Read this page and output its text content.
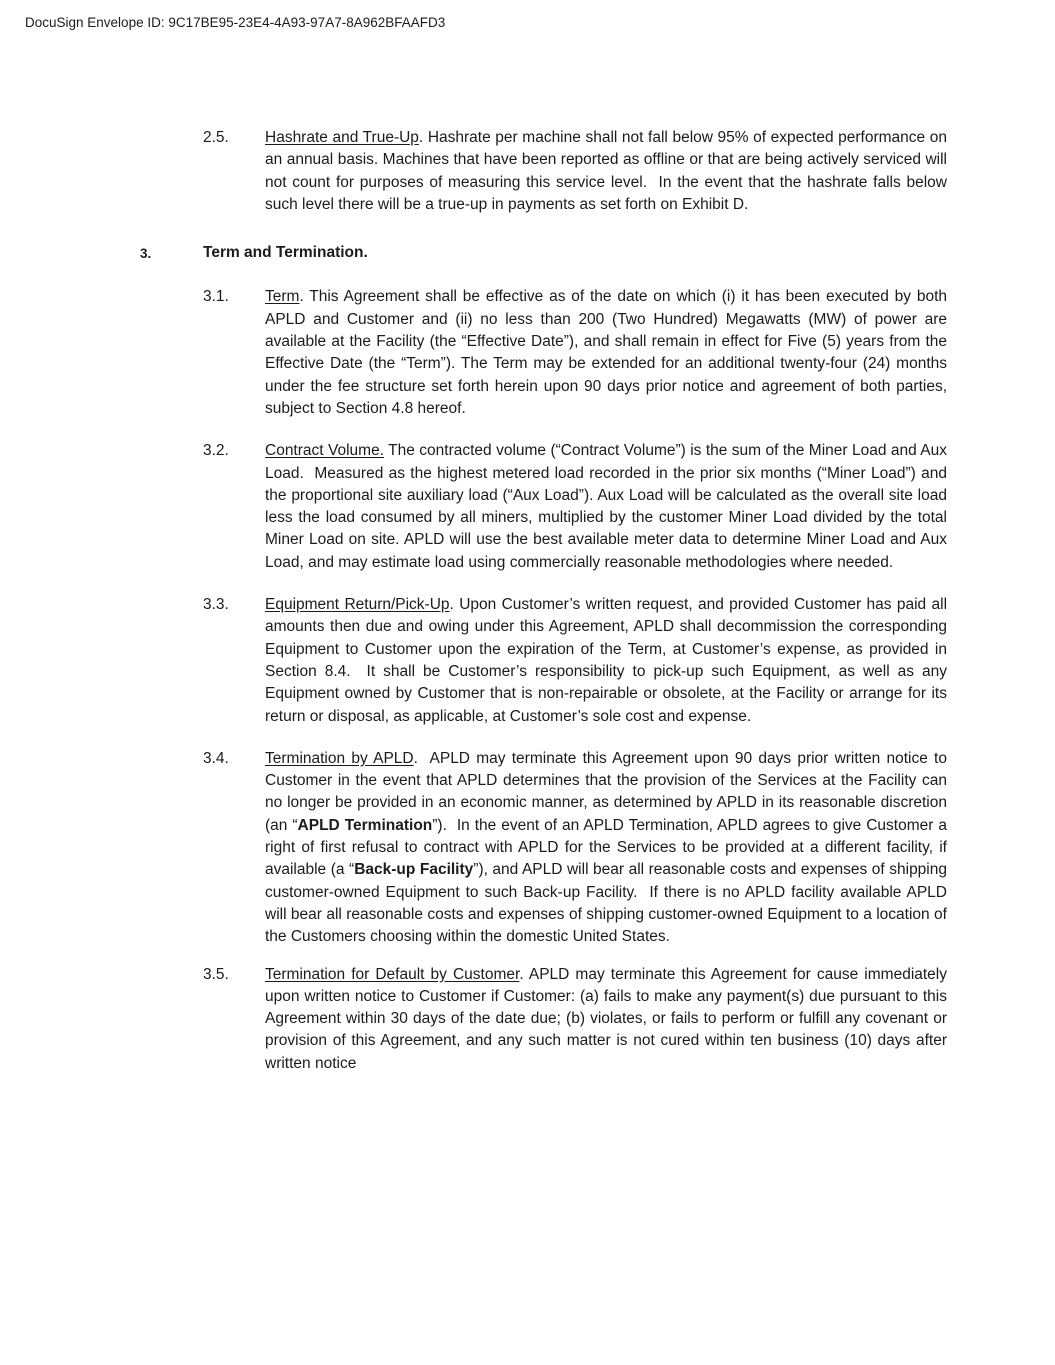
DocuSign Envelope ID: 9C17BE95-23E4-4A93-97A7-8A962BFAAFD3
2.5.	Hashrate and True-Up. Hashrate per machine shall not fall below 95% of expected performance on an annual basis. Machines that have been reported as offline or that are being actively serviced will not count for purposes of measuring this service level.  In the event that the hashrate falls below such level there will be a true-up in payments as set forth on Exhibit D.
3.	Term and Termination.
3.1.	Term. This Agreement shall be effective as of the date on which (i) it has been executed by both APLD and Customer and (ii) no less than 200 (Two Hundred) Megawatts (MW) of power are available at the Facility (the “Effective Date”), and shall remain in effect for Five (5) years from the Effective Date (the “Term”). The Term may be extended for an additional twenty-four (24) months under the fee structure set forth herein upon 90 days prior notice and agreement of both parties, subject to Section 4.8 hereof.
3.2.	Contract Volume. The contracted volume (“Contract Volume”) is the sum of the Miner Load and Aux Load.  Measured as the highest metered load recorded in the prior six months (“Miner Load”) and the proportional site auxiliary load (“Aux Load”). Aux Load will be calculated as the overall site load less the load consumed by all miners, multiplied by the customer Miner Load divided by the total Miner Load on site. APLD will use the best available meter data to determine Miner Load and Aux Load, and may estimate load using commercially reasonable methodologies where needed.
3.3.	Equipment Return/Pick-Up. Upon Customer’s written request, and provided Customer has paid all amounts then due and owing under this Agreement, APLD shall decommission the corresponding Equipment to Customer upon the expiration of the Term, at Customer’s expense, as provided in Section 8.4.  It shall be Customer’s responsibility to pick-up such Equipment, as well as any Equipment owned by Customer that is non-repairable or obsolete, at the Facility or arrange for its return or disposal, as applicable, at Customer’s sole cost and expense.
3.4.	Termination by APLD.  APLD may terminate this Agreement upon 90 days prior written notice to Customer in the event that APLD determines that the provision of the Services at the Facility can no longer be provided in an economic manner, as determined by APLD in its reasonable discretion (an “APLD Termination”).  In the event of an APLD Termination, APLD agrees to give Customer a right of first refusal to contract with APLD for the Services to be provided at a different facility, if available (a “Back-up Facility”), and APLD will bear all reasonable costs and expenses of shipping customer-owned Equipment to such Back-up Facility.  If there is no APLD facility available APLD will bear all reasonable costs and expenses of shipping customer-owned Equipment to a location of the Customers choosing within the domestic United States.
3.5.	Termination for Default by Customer. APLD may terminate this Agreement for cause immediately upon written notice to Customer if Customer: (a) fails to make any payment(s) due pursuant to this Agreement within 30 days of the date due; (b) violates, or fails to perform or fulfill any covenant or provision of this Agreement, and any such matter is not cured within ten business (10) days after written notice
